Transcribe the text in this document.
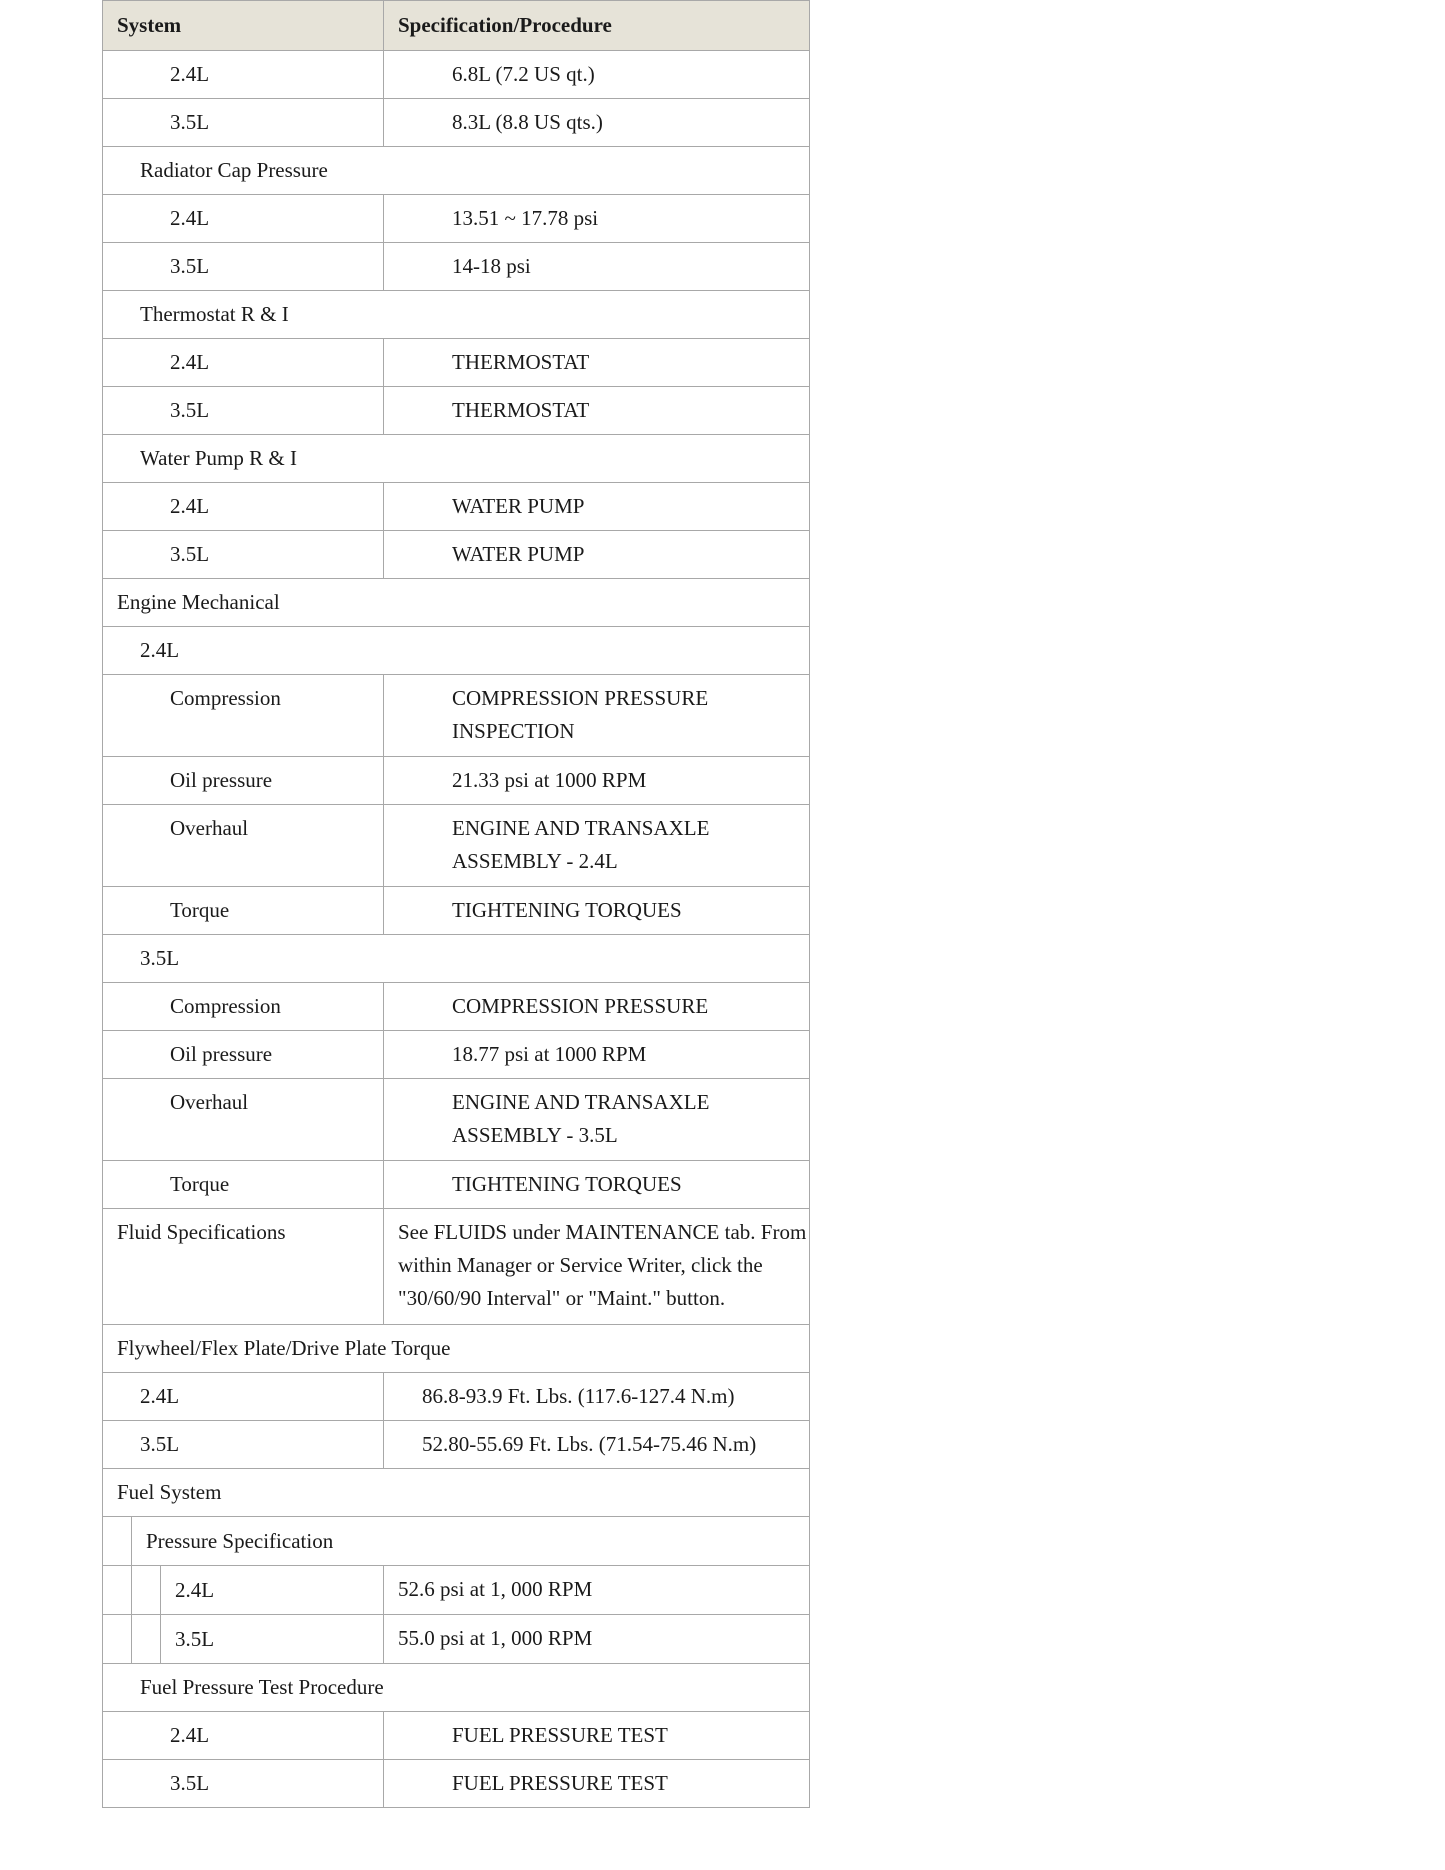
System	Specification/Procedure
2.4L	6.8L (7.2 US qt.)
3.5L	8.3L (8.8 US qts.)
Radiator Cap Pressure	
2.4L	13.51 ~ 17.78 psi
3.5L	14-18 psi
Thermostat R & I	
2.4L	THERMOSTAT
3.5L	THERMOSTAT
Water Pump R & I	
2.4L	WATER PUMP
3.5L	WATER PUMP
Engine Mechanical	
2.4L	
Compression	COMPRESSION PRESSURE INSPECTION
Oil pressure	21.33 psi at 1000 RPM
Overhaul	ENGINE AND TRANSAXLE ASSEMBLY - 2.4L
Torque	TIGHTENING TORQUES
3.5L	
Compression	COMPRESSION PRESSURE
Oil pressure	18.77 psi at 1000 RPM
Overhaul	ENGINE AND TRANSAXLE ASSEMBLY - 3.5L
Torque	TIGHTENING TORQUES
Fluid Specifications	See FLUIDS under MAINTENANCE tab. From within Manager or Service Writer, click the "30/60/90 Interval" or "Maint." button.
Flywheel/Flex Plate/Drive Plate Torque	
2.4L	86.8-93.9 Ft. Lbs. (117.6-127.4 N.m)
3.5L	52.80-55.69 Ft. Lbs. (71.54-75.46 N.m)
Fuel System	

Pressure Specification	

2.4L	52.6 psi at 1, 000 RPM

3.5L	55.0 psi at 1, 000 RPM
Fuel Pressure Test Procedure	
2.4L	FUEL PRESSURE TEST
3.5L	FUEL PRESSURE TEST
